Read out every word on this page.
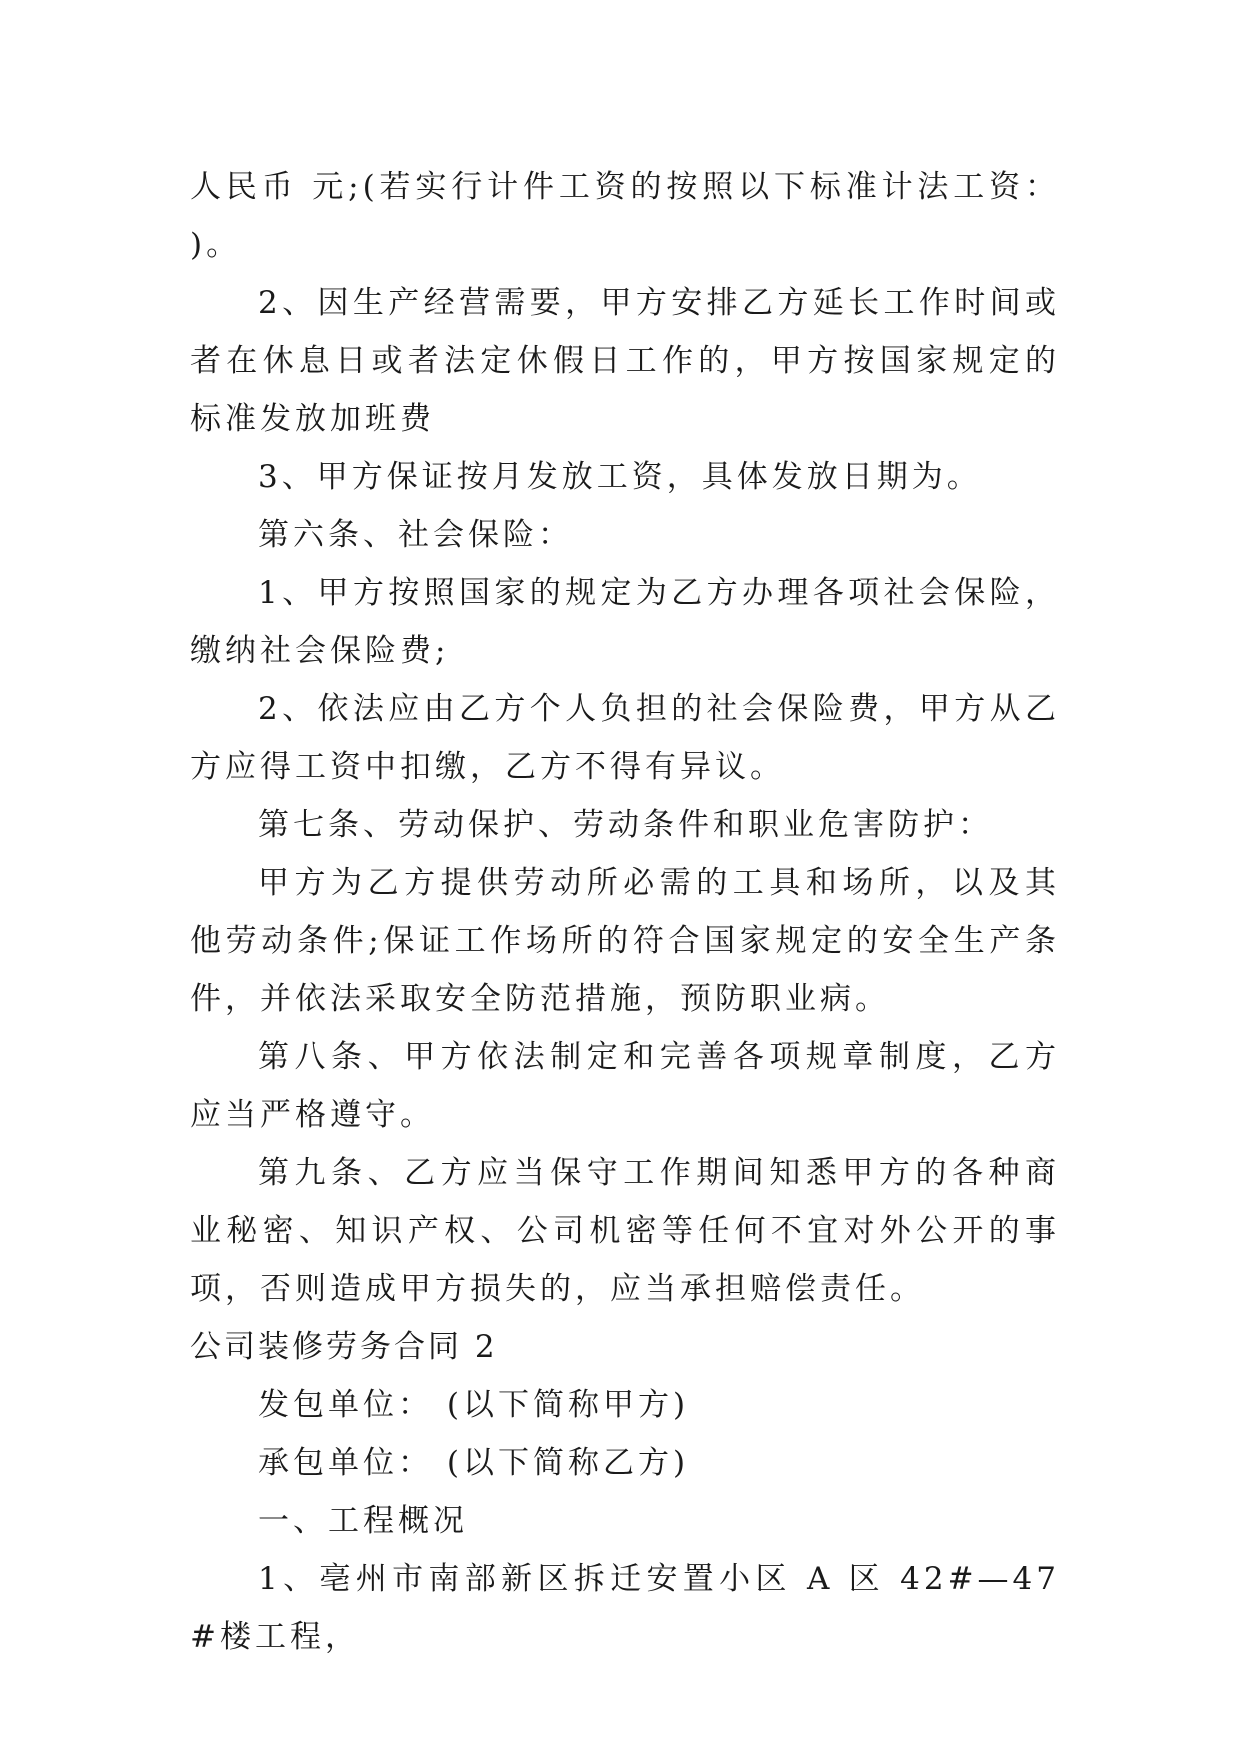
人民币 元;(若实行计件工资的按照以下标准计法工资： )。

2、因生产经营需要，甲方安排乙方延长工作时间或者在休息日或者法定休假日工作的，甲方按国家规定的标准发放加班费

3、甲方保证按月发放工资，具体发放日期为。

第六条、社会保险：

1、甲方按照国家的规定为乙方办理各项社会保险，缴纳社会保险费;

2、依法应由乙方个人负担的社会保险费，甲方从乙方应得工资中扣缴，乙方不得有异议。

第七条、劳动保护、劳动条件和职业危害防护：

甲方为乙方提供劳动所必需的工具和场所，以及其他劳动条件;保证工作场所的符合国家规定的安全生产条件，并依法采取安全防范措施，预防职业病。

第八条、甲方依法制定和完善各项规章制度，乙方应当严格遵守。

第九条、乙方应当保守工作期间知悉甲方的各种商业秘密、知识产权、公司机密等任何不宜对外公开的事项，否则造成甲方损失的，应当承担赔偿责任。

公司装修劳务合同 2

发包单位： (以下简称甲方)

承包单位： (以下简称乙方)

一、工程概况

1、亳州市南部新区拆迁安置小区 A 区 42#—47#楼工程，
